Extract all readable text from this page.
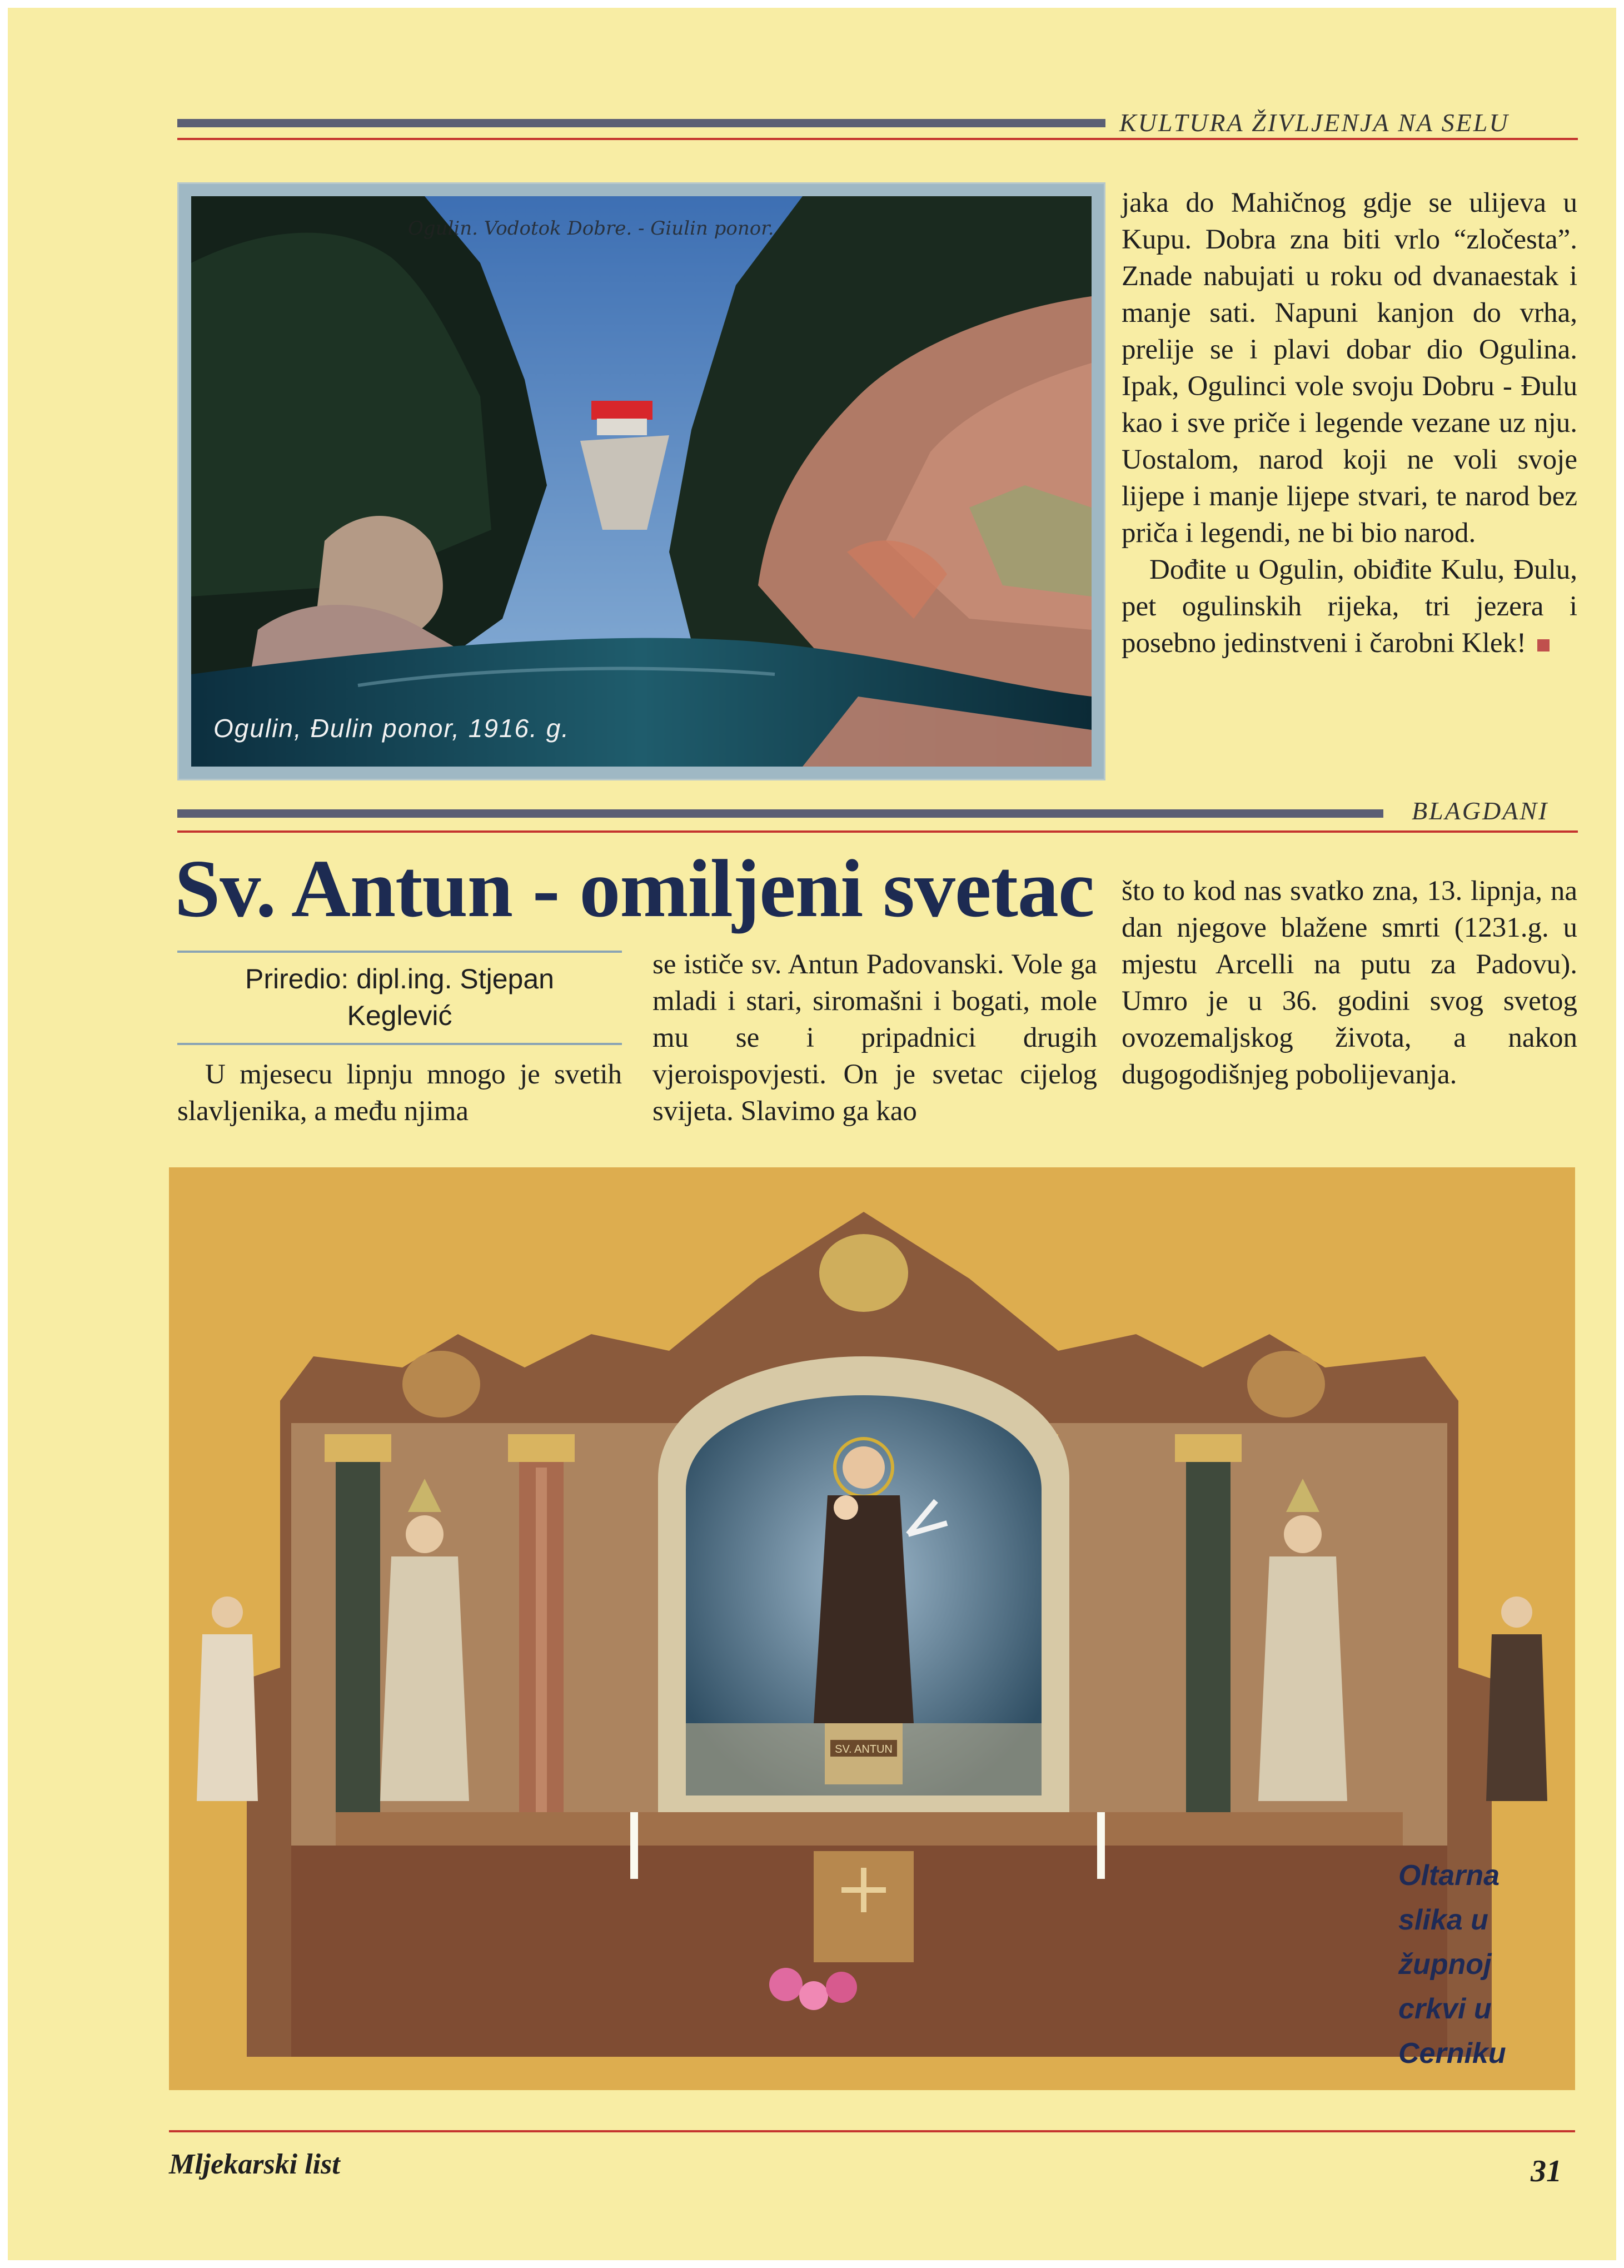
KULTURA ŽIVLJENJA NA SELU
Ogulin. Vodotok Dobre. - Giulin ponor.
Ogulin, Đulin ponor, 1916. g.

jaka do Mahičnog gdje se ulijeva u Kupu. Dobra zna biti vrlo “zločesta”. Znade nabujati u roku od dvanaestak i manje sati. Napuni kanjon do vrha, prelije se i plavi dobar dio Ogulina. Ipak, Ogulinci vole svoju Dobru - Đulu kao i sve priče i legende vezane uz nju. Uostalom, narod koji ne voli svoje lijepe i manje lijepe stvari, te narod bez priča i legendi, ne bi bio narod.

Dođite u Ogulin, obiđite Kulu, Đulu, pet ogulinskih rijeka, tri jezera i posebno jedinstveni i čarobni Klek!

BLAGDANI
Sv. Antun - omiljeni svetac
Priredio: dipl.ing. Stjepan Keglević
U mjesecu lipnju mnogo je svetih slavljenika, a među njima
se ističe sv. Antun Padovanski. Vole ga mladi i stari, siromašni i bogati, mole mu se i pripadnici drugih vjeroispovjesti. On je svetac cijelog svijeta. Slavimo ga kao
što to kod nas svatko zna, 13. lipnja, na dan njegove blažene smrti (1231.g. u mjestu Arcelli na putu za Padovu). Umro je u 36. godini svog svetog ovozemaljskog života, a nakon dugogodišnjeg pobolijevanja.
SV. ANTUN
Oltarna
slika u
župnoj
crkvi u
Cerniku
Mljekarski list	31
